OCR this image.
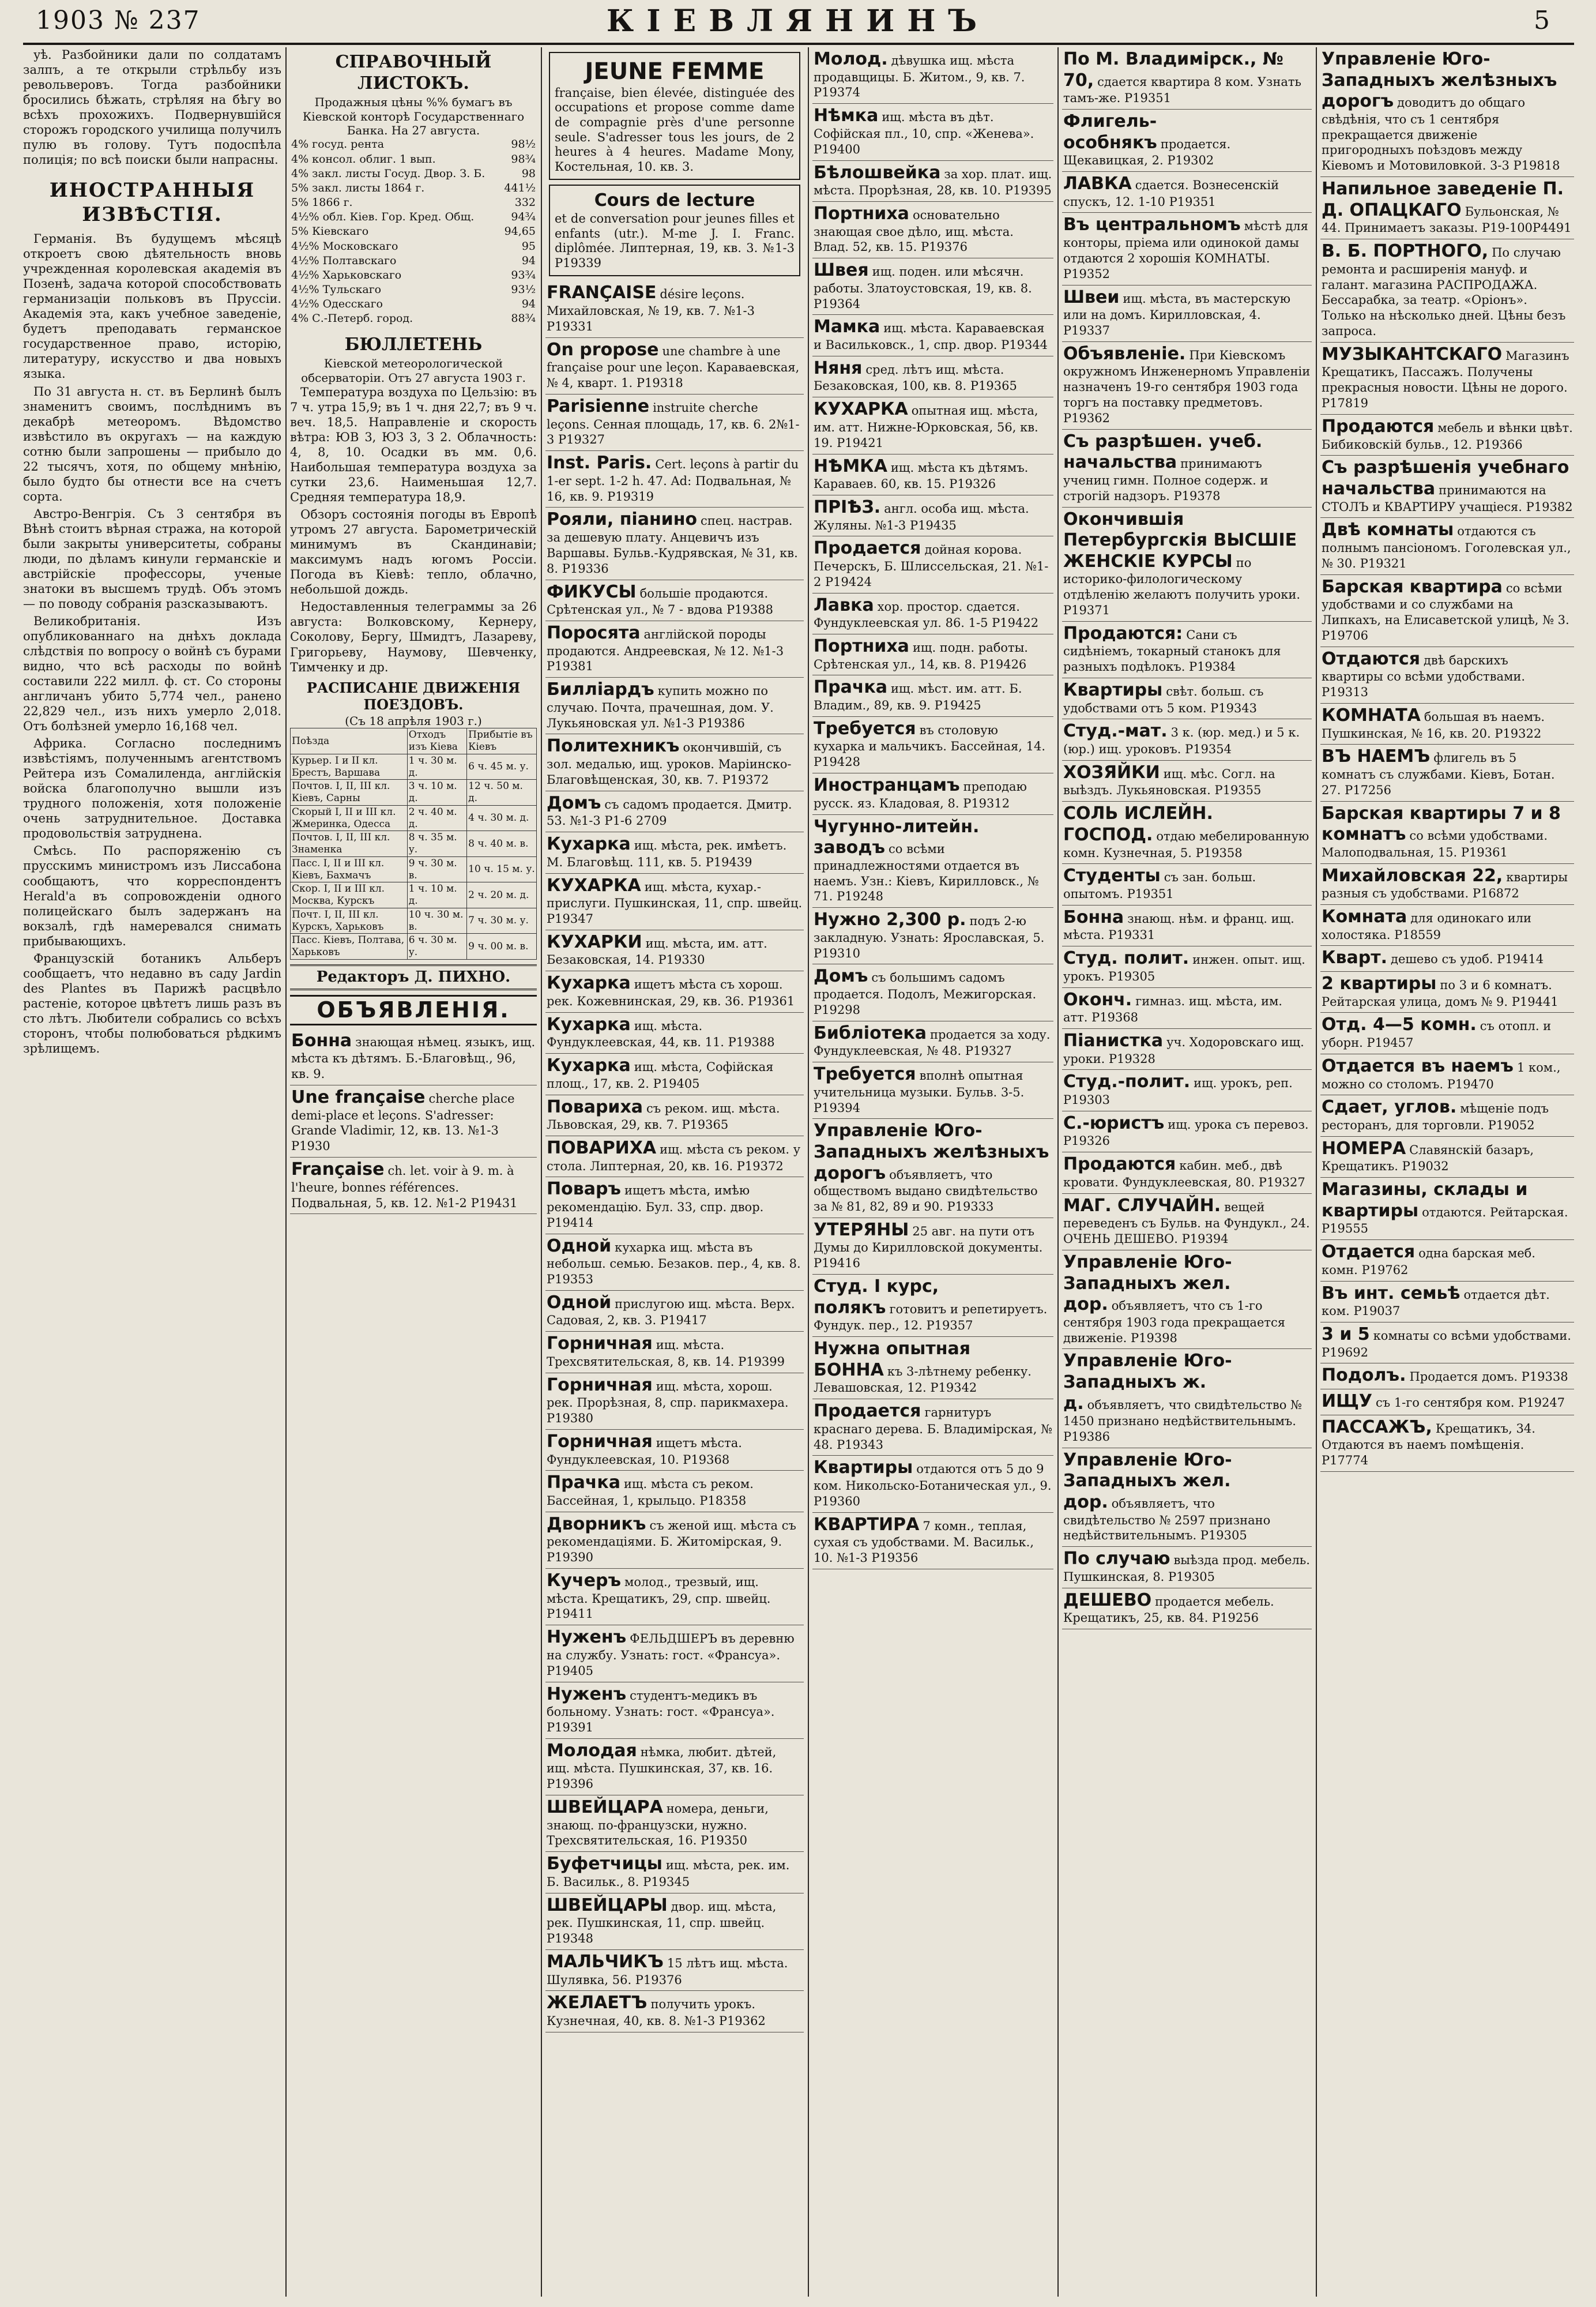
1903 № 237	КІЕВЛЯНИНЪ	5

уѣ. Разбойники дали по солдатамъ залпъ, а те открыли стрѣльбу изъ револьверовъ. Тогда разбойники бросились бѣжать, стрѣляя на бѣгу во всѣхъ прохожихъ. Подвернувшійся сторожъ городского училища получилъ пулю въ голову. Тутъ подоспѣла полиція; по всѣ поиски были напрасны.

ИНОСТРАННЫЯ ИЗВѢСТІЯ.

Германія. Въ будущемъ мѣсяцѣ откроетъ свою дѣятельность вновь учрежденная королевская академія въ Позенѣ, задача которой способствовать германизаціи польковъ въ Пруссіи. Академія эта, какъ учебное заведеніе, будетъ преподавать германское государственное право, исторію, литературу, искусство и два новыхъ языка.

По 31 августа н. ст. въ Берлинѣ былъ знаменитъ своимъ, послѣднимъ въ декабрѣ метеоромъ. Вѣдомство извѣстило въ округахъ — на каждую сотню были запрошены — прибыло до 22 тысячъ, хотя, по общему мнѣнію, было будто бы отнести все на счетъ сорта.

Австро-Венгрія. Съ 3 сентября въ Вѣнѣ стоитъ вѣрная стража, на которой были закрыты университеты, собраны люди, по дѣламъ кинули германскіе и австрійскіе профессоры, ученые знатоки въ высшемъ трудѣ. Объ этомъ — по поводу собранія разсказываютъ.

Великобританія. Изъ опубликованнаго на днѣхъ доклада слѣдствія по вопросу о войнѣ съ бурами видно, что всѣ расходы по войнѣ составили 222 милл. ф. ст. Со стороны англичанъ убито 5,774 чел., ранено 22,829 чел., изъ нихъ умерло 2,018. Отъ болѣзней умерло 16,168 чел.

Африка. Согласно последнимъ извѣстіямъ, полученнымъ агентствомъ Рейтера изъ Сомалиленда, англійскія войска благополучно вышли изъ трудного положенія, хотя положеніе очень затруднительное. Доставка продовольствія затруднена.

Смѣсь. По распоряженію съ прусскимъ министромъ изъ Лиссабона сообщаютъ, что корреспондентъ Herald'а въ сопровожденіи одного полицейскаго былъ задержанъ на вокзалѣ, гдѣ намеревался снимать прибывающихъ.

Французскій ботаникъ Альберъ сообщаетъ, что недавно въ саду Jardin des Plantes въ Парижѣ расцвѣло растеніе, которое цвѣтетъ лишь разъ въ сто лѣтъ. Любители собрались со всѣхъ сторонъ, чтобы полюбоваться рѣдкимъ зрѣлищемъ.

СПРАВОЧНЫЙ ЛИСТОКЪ.
Продажныя цѣны %% бумагъ въ Кіевской конторѣ Государственнаго Банка. На 27 августа.
4% госуд. рента	98½
4% консол. облиг. 1 вып.	98¾
4% закл. листы Госуд. Двор. З. Б.	98
5% закл. листы 1864 г.	441½
5% 1866 г.	332
4½% обл. Кіев. Гор. Кред. Общ.	94¾
5% Кіевскаго	94,65
4½% Московскаго	95
4½% Полтавскаго	94
4½% Харьковскаго	93¾
4½% Тульскаго	93½
4½% Одесскаго	94
4% С.-Петерб. город.	88¾
БЮЛЛЕТЕНЬ
Кіевской метеорологической обсерваторіи. Отъ 27 августа 1903 г.

Температура воздуха по Цельзію: въ 7 ч. утра 15,9; въ 1 ч. дня 22,7; въ 9 ч. веч. 18,5. Направленіе и скорость вѣтра: ЮВ 3, ЮЗ 3, З 2. Облачность: 4, 8, 10. Осадки въ мм. 0,6. Наибольшая температура воздуха за сутки 23,6. Наименьшая 12,7. Средняя температура 18,9.

Обзоръ состоянія погоды въ Европѣ утромъ 27 августа. Барометрическій минимумъ въ Скандинавіи; максимумъ надъ югомъ Россіи. Погода въ Кіевѣ: тепло, облачно, небольшой дождь.

Недоставленныя телеграммы за 26 августа: Волковскому, Кернеру, Соколову, Бергу, Шмидтъ, Лазареву, Григорьеву, Наумову, Шевченку, Тимченку и др.

РАСПИСАНІЕ ДВИЖЕНІЯ ПОЕЗДОВЪ.
(Съ 18 апрѣля 1903 г.)
Поѣзда	Отходъ изъ Кіева	Прибытіе въ Кіевъ
Курьер. I и II кл. Брестъ, Варшава	1 ч. 30 м. д.	6 ч. 45 м. у.
Почтов. I, II, III кл. Кіевъ, Сарны	3 ч. 10 м. д.	12 ч. 50 м. д.
Скорый I, II и III кл. Жмеринка, Одесса	2 ч. 40 м. д.	4 ч. 30 м. д.
Почтов. I, II, III кл. Знаменка	8 ч. 35 м. у.	8 ч. 40 м. в.
Пасс. I, II и III кл. Кіевъ, Бахмачъ	9 ч. 30 м. в.	10 ч. 15 м. у.
Скор. I, II и III кл. Москва, Курскъ	1 ч. 10 м. д.	2 ч. 20 м. д.
Почт. I, II, III кл. Курскъ, Харьковъ	10 ч. 30 м. в.	7 ч. 30 м. у.
Пасс. Кіевъ, Полтава, Харьковъ	6 ч. 30 м. у.	9 ч. 00 м. в.
Редакторъ Д. ПИХНО.
ОБЪЯВЛЕНІЯ.
Бонна знающая нѣмец. языкъ, ищ. мѣста къ дѣтямъ. Б.-Благовѣщ., 96, кв. 9.
Une française cherche place demi-place et leçons. S'adresser: Grande Vladimir, 12, кв. 13. №1-3 Р1930
Française ch. let. voir à 9. m. à l'heure, bonnes références. Подвальная, 5, кв. 12. №1-2 Р19431
JEUNE FEMME
française, bien élevée, distinguée des occupations et propose comme dame de compagnie près d'une personne seule. S'adresser tous les jours, de 2 heures à 4 heures. Madame Mony, Костельная, 10. кв. 3.
Cours de lecture
et de conversation pour jeunes filles et enfants (utr.). M-me J. I. Franc. diplômée. Липтерная, 19, кв. 3. №1-3 Р19339
FRANÇAISE désire leçons. Михайловская, № 19, кв. 7. №1-3 Р19331
On propose une chambre à une française pour une leçon. Караваевская, № 4, кварт. 1. Р19318
Parisienne instruite cherche leçons. Сенная площадь, 17, кв. 6. 2№1-3 Р19327
Inst. Paris. Cert. leçons à partir du 1-er sept. 1-2 h. 47. Ad: Подвальная, № 16, кв. 9. Р19319
Рояли, піанино спец. настрав. за дешевую плату. Анцевичъ изъ Варшавы. Бульв.-Кудрявская, № 31, кв. 8. Р19336
ФИКУСЫ большіе продаются. Срѣтенская ул., № 7 - вдова Р19388
Поросята англійской породы продаются. Андреевская, № 12. №1-3 Р19381
Билліардъ купить можно по случаю. Почта, прачешная, дом. У. Лукьяновская ул. №1-3 Р19386
Политехникъ окончившій, съ зол. медалью, ищ. уроков. Маріинско-Благовѣщенская, 30, кв. 7. Р19372
Домъ съ садомъ продается. Дмитр. 53. №1-3 Р1-6 2709
Кухарка ищ. мѣста, рек. имѣетъ. М. Благовѣщ. 111, кв. 5. Р19439
КУХАРКА ищ. мѣста, кухар.-прислуги. Пушкинская, 11, спр. швейц. Р19347
КУХАРКИ ищ. мѣста, им. атт. Безаковская, 14. Р19330
Кухарка ищетъ мѣста съ хорош. рек. Кожевнинская, 29, кв. 36. Р19361
Кухарка ищ. мѣста. Фундуклеевская, 44, кв. 11. Р19388
Кухарка ищ. мѣста, Софійская площ., 17, кв. 2. Р19405
Повариха съ реком. ищ. мѣста. Львовская, 29, кв. 7. Р19365
ПОВАРИХА ищ. мѣста съ реком. у стола. Липтерная, 20, кв. 16. Р19372
Поваръ ищетъ мѣста, имѣю рекомендацію. Бул. 33, спр. двор. Р19414
Одной кухарка ищ. мѣста въ небольш. семью. Безаков. пер., 4, кв. 8. Р19353
Одной прислугою ищ. мѣста. Верх. Садовая, 2, кв. 3. Р19417
Горничная ищ. мѣста. Трехсвятительская, 8, кв. 14. Р19399
Горничная ищ. мѣста, хорош. рек. Прорѣзная, 8, спр. парикмахера. Р19380
Горничная ищетъ мѣста. Фундуклеевская, 10. Р19368
Прачка ищ. мѣста съ реком. Бассейная, 1, крыльцо. Р18358
Дворникъ съ женой ищ. мѣста съ рекомендаціями. Б. Житомірская, 9. Р19390
Кучеръ молод., трезвый, ищ. мѣста. Крещатикъ, 29, спр. швейц. Р19411
Нуженъ ФЕЛЬДШЕРЪ въ деревню на службу. Узнать: гост. «Франсуа». Р19405
Нуженъ студентъ-медикъ въ больному. Узнать: гост. «Франсуа». Р19391
Молодая нѣмка, любит. дѣтей, ищ. мѣста. Пушкинская, 37, кв. 16. Р19396
ШВЕЙЦАРА номера, деньги, знающ. по-французски, нужно. Трехсвятительская, 16. Р19350
Буфетчицы ищ. мѣста, рек. им. Б. Васильк., 8. Р19345
ШВЕЙЦАРЫ двор. ищ. мѣста, рек. Пушкинская, 11, спр. швейц. Р19348
МАЛЬЧИКЪ 15 лѣтъ ищ. мѣста. Шулявка, 56. Р19376
ЖЕЛАЕТЪ получить урокъ. Кузнечная, 40, кв. 8. №1-3 Р19362
Молод. дѣвушка ищ. мѣста продавщицы. Б. Житом., 9, кв. 7. Р19374
Нѣмка ищ. мѣста въ дѣт. Софійская пл., 10, спр. «Женева». Р19400
Бѣлошвейка за хор. плат. ищ. мѣста. Прорѣзная, 28, кв. 10. Р19395
Портниха основательно знающая свое дѣло, ищ. мѣста. Влад. 52, кв. 15. Р19376
Швея ищ. поден. или мѣсячн. работы. Златоустовская, 19, кв. 8. Р19364
Мамка ищ. мѣста. Караваевская и Васильковск., 1, спр. двор. Р19344
Няня сред. лѣтъ ищ. мѣста. Безаковская, 100, кв. 8. Р19365
КУХАРКА опытная ищ. мѣста, им. атт. Нижне-Юрковская, 56, кв. 19. Р19421
НѢМКА ищ. мѣста къ дѣтямъ. Караваев. 60, кв. 15. Р19326
ПРІѢЗ. англ. особа ищ. мѣста. Жуляны. №1-3 Р19435
Продается дойная корова. Печерскъ, Б. Шлиссельская, 21. №1-2 Р19424
Лавка хор. простор. сдается. Фундуклеевская ул. 86. 1-5 Р19422
Портниха ищ. подн. работы. Срѣтенская ул., 14, кв. 8. Р19426
Прачка ищ. мѣст. им. атт. Б. Владим., 89, кв. 9. Р19425
Требуется въ столовую кухарка и мальчикъ. Бассейная, 14. Р19428
Иностранцамъ преподаю русск. яз. Кладовая, 8. Р19312
Чугунно-литейн. заводъ со всѣми принадлежностями отдается въ наемъ. Узн.: Кіевъ, Кирилловск., № 71. Р19248
Нужно 2,300 р. подъ 2-ю закладную. Узнать: Ярославская, 5. Р19310
Домъ съ большимъ садомъ продается. Подолъ, Межигорская. Р19298
Библіотека продается за ходу. Фундуклеевская, № 48. Р19327
Требуется вполнѣ опытная учительница музыки. Бульв. 3-5. Р19394
Управленіе Юго-Западныхъ желѣзныхъ дорогъ объявляетъ, что обществомъ выдано свидѣтельство за № 81, 82, 89 и 90. Р19333
УТЕРЯНЫ 25 авг. на пути отъ Думы до Кирилловской документы. Р19416
Студ. I курс, полякъ готовитъ и репетируетъ. Фундук. пер., 12. Р19357
Нужна опытная БОННА къ 3-лѣтнему ребенку. Левашовская, 12. Р19342
Продается гарнитуръ краснаго дерева. Б. Владимірская, № 48. Р19343
Квартиры отдаются отъ 5 до 9 ком. Никольско-Ботаническая ул., 9. Р19360
КВАРТИРА 7 комн., теплая, сухая съ удобствами. М. Васильк., 10. №1-3 Р19356
По М. Владимірск., № 70, сдается квартира 8 ком. Узнать тамъ-же. Р19351
Флигель-особнякъ продается. Щекавицкая, 2. Р19302
ЛАВКА сдается. Вознесенскій спускъ, 12. 1-10 Р19351
Въ центральномъ мѣстѣ для конторы, пріема или одинокой дамы отдаются 2 хорошія КОМНАТЫ. Р19352
Швеи ищ. мѣста, въ мастерскую или на домъ. Кирилловская, 4. Р19337
Объявленіе. При Кіевскомъ окружномъ Инженерномъ Управленіи назначенъ 19-го сентября 1903 года торгъ на поставку предметовъ. Р19362
Съ разрѣшен. учеб. начальства принимаютъ учениц гимн. Полное содерж. и строгій надзоръ. Р19378
Окончившія Петербургскія ВЫСШІЕ ЖЕНСКІЕ КУРСЫ по историко-филологическому отдѣленію желаютъ получить уроки. Р19371
Продаются: Сани съ сидѣніемъ, токарный станокъ для разныхъ подѣлокъ. Р19384
Квартиры свѣт. больш. съ удобствами отъ 5 ком. Р19343
Студ.-мат. 3 к. (юр. мед.) и 5 к. (юр.) ищ. уроковъ. Р19354
ХОЗЯЙКИ ищ. мѣс. Согл. на выѣздъ. Лукьяновская. Р19355
СОЛЬ ИСЛЕЙН. ГОСПОД. отдаю мебелированную комн. Кузнечная, 5. Р19358
Студенты съ зан. больш. опытомъ. Р19351
Бонна знающ. нѣм. и франц. ищ. мѣста. Р19331
Студ. полит. инжен. опыт. ищ. урокъ. Р19305
Оконч. гимназ. ищ. мѣста, им. атт. Р19368
Піанистка уч. Ходоровскаго ищ. уроки. Р19328
Студ.-полит. ищ. урокъ, реп. Р19303
С.-юристъ ищ. урока съ перевоз. Р19326
Продаются кабин. меб., двѣ кровати. Фундуклеевская, 80. Р19327
МАГ. СЛУЧАЙН. вещей переведенъ съ Бульв. на Фундукл., 24. ОЧЕНЬ ДЕШЕВО. Р19394
Управленіе Юго-Западныхъ жел. дор. объявляетъ, что съ 1-го сентября 1903 года прекращается движеніе. Р19398
Управленіе Юго-Западныхъ ж. д. объявляетъ, что свидѣтельство № 1450 признано недѣйствительнымъ. Р19386
Управленіе Юго-Западныхъ жел. дор. объявляетъ, что свидѣтельство № 2597 признано недѣйствительнымъ. Р19305
По случаю выѣзда прод. мебель. Пушкинская, 8. Р19305
ДЕШЕВО продается мебель. Крещатикъ, 25, кв. 84. Р19256
Управленіе Юго-Западныхъ желѣзныхъ дорогъ доводитъ до общаго свѣдѣнія, что съ 1 сентября прекращается движеніе пригородныхъ поѣздовъ между Кіевомъ и Мотовиловкой. 3-3 Р19818
Напильное заведеніе П. Д. ОПАЦКАГО Бульонская, № 44. Принимаетъ заказы. Р19-100Р4491
В. Б. ПОРТНОГО, По случаю ремонта и расширенія мануф. и галант. магазина РАСПРОДАЖА. Бессарабка, за театр. «Оріонъ». Только на нѣсколько дней. Цѣны безъ запроса.
МУЗЫКАНТСКАГО Магазинъ Крещатикъ, Пассажъ. Получены прекрасныя новости. Цѣны не дорого. Р17819
Продаются мебель и вѣнки цвѣт. Бибиковскій бульв., 12. Р19366
Съ разрѣшенія учебнаго начальства принимаются на СТОЛЪ и КВАРТИРУ учащіеся. Р19382
Двѣ комнаты отдаются съ полнымъ пансіономъ. Гоголевская ул., № 30. Р19321
Барская квартира со всѣми удобствами и со службами на Липкахъ, на Елисаветской улицѣ, № 3. Р19706
Отдаются двѣ барскихъ квартиры со всѣми удобствами. Р19313
КОМНАТА большая въ наемъ. Пушкинская, № 16, кв. 20. Р19322
ВЪ НАЕМЪ флигель въ 5 комнатъ съ службами. Кіевъ, Ботан. 27. Р17256
Барская квартиры 7 и 8 комнатъ со всѣми удобствами. Малоподвальная, 15. Р19361
Михайловская 22, квартиры разныя съ удобствами. Р16872
Комната для одинокаго или холостяка. Р18559
Кварт. дешево съ удоб. Р19414
2 квартиры по 3 и 6 комнатъ. Рейтарская улица, домъ № 9. Р19441
Отд. 4—5 комн. съ отопл. и уборн. Р19457
Отдается въ наемъ 1 ком., можно со столомъ. Р19470
Сдает, углов. мѣщеніе подъ ресторанъ, для торговли. Р19052
НОМЕРА Славянскій базаръ, Крещатикъ. Р19032
Магазины, склады и квартиры отдаются. Рейтарская. Р19555
Отдается одна барская меб. комн. Р19762
Въ инт. семьѣ отдается дѣт. ком. Р19037
3 и 5 комнаты со всѣми удобствами. Р19692
Подолъ. Продается домъ. Р19338
ИЩУ съ 1-го сентября ком. Р19247
ПАССАЖЪ, Крещатикъ, 34. Отдаются въ наемъ помѣщенія. Р17774
